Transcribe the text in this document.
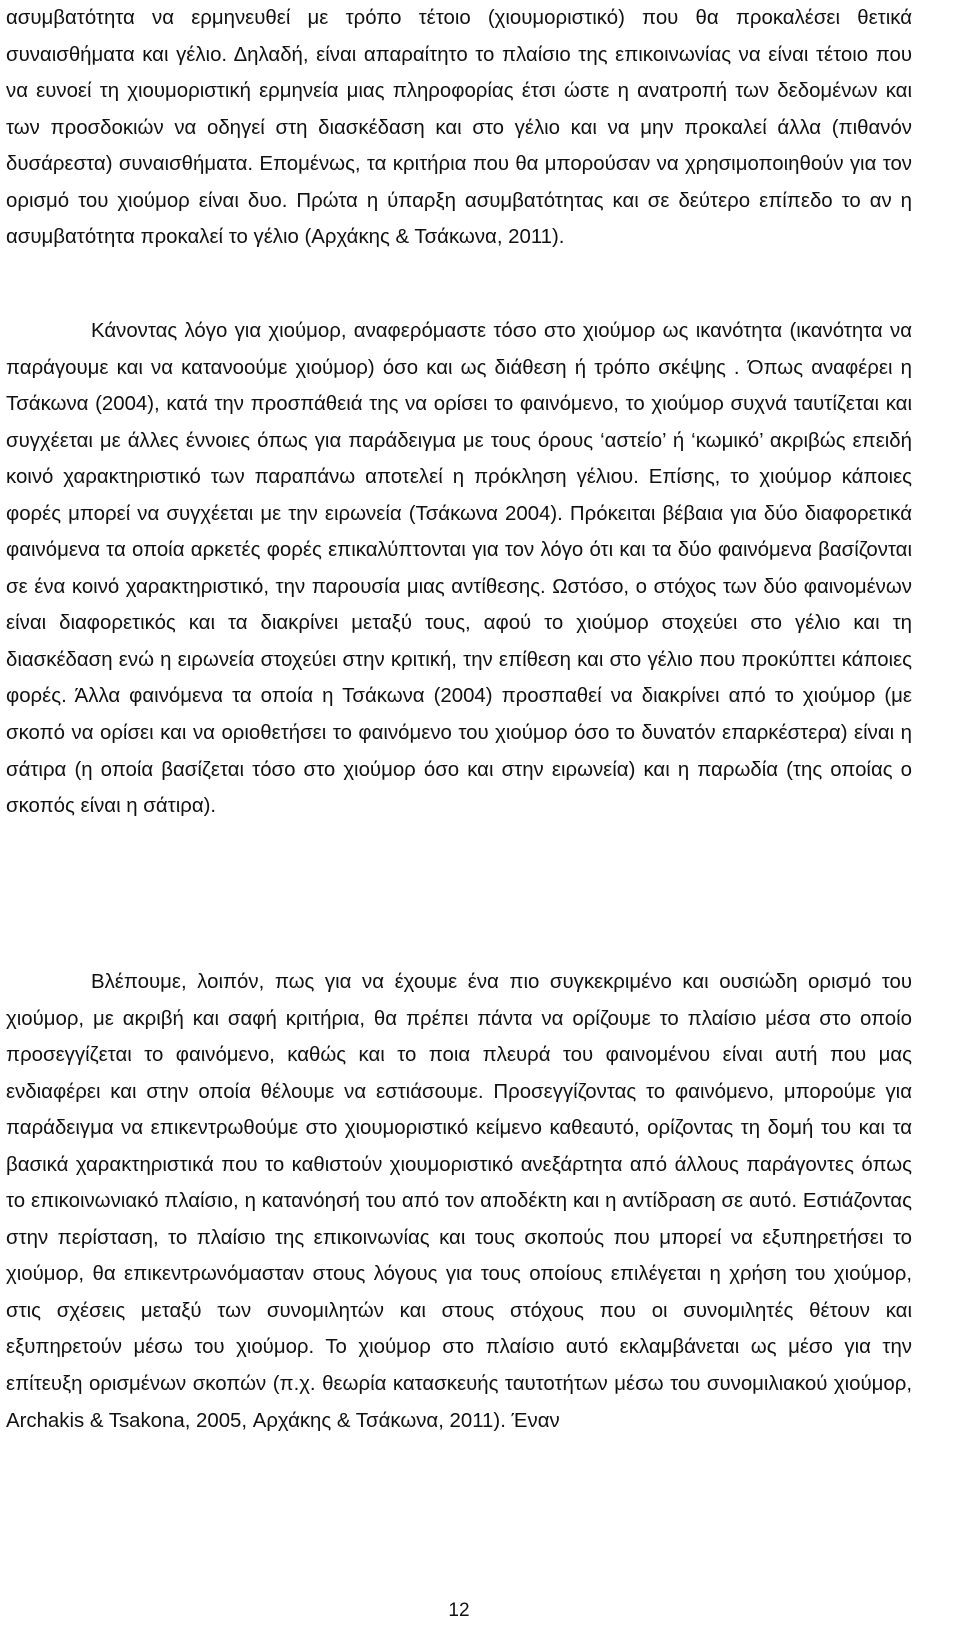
ασυμβατότητα να ερμηνευθεί με τρόπο τέτοιο (χιουμοριστικό) που θα προκαλέσει θετικά συναισθήματα και γέλιο. Δηλαδή, είναι απαραίτητο το πλαίσιο της επικοινωνίας να είναι τέτοιο που να ευνοεί τη χιουμοριστική ερμηνεία μιας πληροφορίας έτσι ώστε η ανατροπή των δεδομένων και των προσδοκιών να οδηγεί στη διασκέδαση και στο γέλιο και να μην προκαλεί άλλα (πιθανόν δυσάρεστα) συναισθήματα. Επομένως, τα κριτήρια που θα μπορούσαν να χρησιμοποιηθούν για τον ορισμό του χιούμορ είναι δυο. Πρώτα η ύπαρξη ασυμβατότητας και σε δεύτερο επίπεδο το αν η ασυμβατότητα προκαλεί το γέλιο (Αρχάκης & Τσάκωνα, 2011).

Κάνοντας λόγο για χιούμορ, αναφερόμαστε τόσο στο χιούμορ ως ικανότητα (ικανότητα να παράγουμε και να κατανοούμε χιούμορ) όσο και ως διάθεση ή τρόπο σκέψης . Όπως αναφέρει η Τσάκωνα (2004), κατά την προσπάθειά της να ορίσει το φαινόμενο, το χιούμορ συχνά ταυτίζεται και συγχέεται με άλλες έννοιες όπως για παράδειγμα με τους όρους ‘αστείο’ ή ‘κωμικό’ ακριβώς επειδή κοινό χαρακτηριστικό των παραπάνω αποτελεί η πρόκληση γέλιου. Επίσης, το χιούμορ κάποιες φορές μπορεί να συγχέεται με την ειρωνεία (Τσάκωνα 2004). Πρόκειται βέβαια για δύο διαφορετικά φαινόμενα τα οποία αρκετές φορές επικαλύπτονται για τον λόγο ότι και τα δύο φαινόμενα βασίζονται σε ένα κοινό χαρακτηριστικό, την παρουσία μιας αντίθεσης. Ωστόσο, ο στόχος των δύο φαινομένων είναι διαφορετικός και τα διακρίνει μεταξύ τους, αφού το χιούμορ στοχεύει στο γέλιο και τη διασκέδαση ενώ η ειρωνεία στοχεύει στην κριτική, την επίθεση και στο γέλιο που προκύπτει κάποιες φορές. Άλλα φαινόμενα τα οποία η Τσάκωνα (2004) προσπαθεί να διακρίνει από το χιούμορ (με σκοπό να ορίσει και να οριοθετήσει το φαινόμενο του χιούμορ όσο το δυνατόν επαρκέστερα) είναι η σάτιρα (η οποία βασίζεται τόσο στο χιούμορ όσο και στην ειρωνεία) και η παρωδία (της οποίας ο σκοπός είναι η σάτιρα).

Βλέπουμε, λοιπόν, πως για να έχουμε ένα πιο συγκεκριμένο και ουσιώδη ορισμό του χιούμορ, με ακριβή και σαφή κριτήρια, θα πρέπει πάντα να ορίζουμε το πλαίσιο μέσα στο οποίο προσεγγίζεται το φαινόμενο, καθώς και το ποια πλευρά του φαινομένου είναι αυτή που μας ενδιαφέρει και στην οποία θέλουμε να εστιάσουμε. Προσεγγίζοντας το φαινόμενο, μπορούμε για παράδειγμα να επικεντρωθούμε στο χιουμοριστικό κείμενο καθεαυτό, ορίζοντας τη δομή του και τα βασικά χαρακτηριστικά που το καθιστούν χιουμοριστικό ανεξάρτητα από άλλους παράγοντες όπως το επικοινωνιακό πλαίσιο, η κατανόησή του από τον αποδέκτη και η αντίδραση σε αυτό. Εστιάζοντας στην περίσταση, το πλαίσιο της επικοινωνίας και τους σκοπούς που μπορεί να εξυπηρετήσει το χιούμορ, θα επικεντρωνόμασταν στους λόγους για τους οποίους επιλέγεται η χρήση του χιούμορ, στις σχέσεις μεταξύ των συνομιλητών και στους στόχους που οι συνομιλητές θέτουν και εξυπηρετούν μέσω του χιούμορ. Το χιούμορ στο πλαίσιο αυτό εκλαμβάνεται ως μέσο για την επίτευξη ορισμένων σκοπών (π.χ. θεωρία κατασκευής ταυτοτήτων μέσω του συνομιλιακού χιούμορ, Archakis & Tsakona, 2005, Αρχάκης & Τσάκωνα, 2011). Έναν

12
